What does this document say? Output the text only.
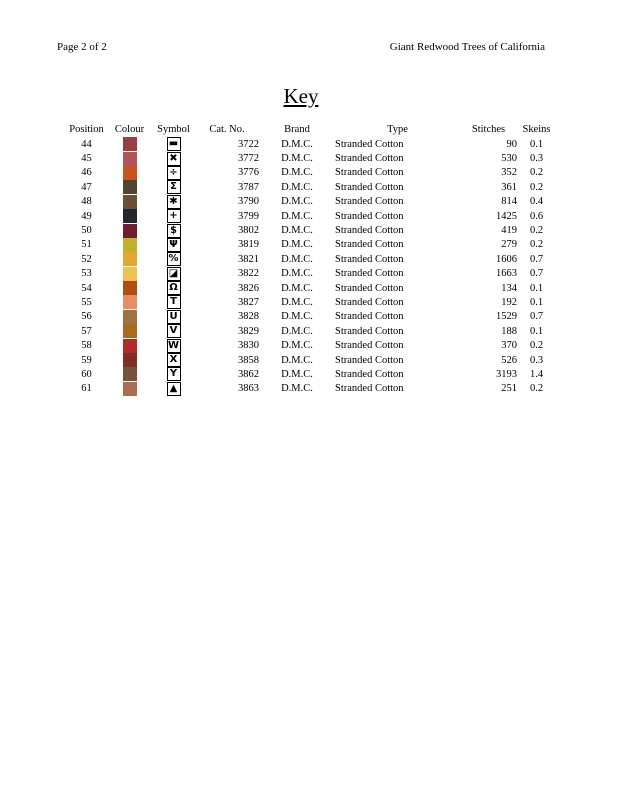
Page 2 of 2	Giant Redwood Trees of California
Key
Position	Colour	Symbol	Cat. No.	Brand	Type	Stitches	Skeins
44		▬	3722	D.M.C.	Stranded Cotton	90	0.1
45		✖	3772	D.M.C.	Stranded Cotton	530	0.3
46		÷	3776	D.M.C.	Stranded Cotton	352	0.2
47		Σ	3787	D.M.C.	Stranded Cotton	361	0.2
48		✱	3790	D.M.C.	Stranded Cotton	814	0.4
49		+	3799	D.M.C.	Stranded Cotton	1425	0.6
50		$	3802	D.M.C.	Stranded Cotton	419	0.2
51		Ψ	3819	D.M.C.	Stranded Cotton	279	0.2
52		%	3821	D.M.C.	Stranded Cotton	1606	0.7
53		◪	3822	D.M.C.	Stranded Cotton	1663	0.7
54		Ω	3826	D.M.C.	Stranded Cotton	134	0.1
55		T	3827	D.M.C.	Stranded Cotton	192	0.1
56		U	3828	D.M.C.	Stranded Cotton	1529	0.7
57		V	3829	D.M.C.	Stranded Cotton	188	0.1
58		W	3830	D.M.C.	Stranded Cotton	370	0.2
59		X	3858	D.M.C.	Stranded Cotton	526	0.3
60		Y	3862	D.M.C.	Stranded Cotton	3193	1.4
61		▲	3863	D.M.C.	Stranded Cotton	251	0.2
